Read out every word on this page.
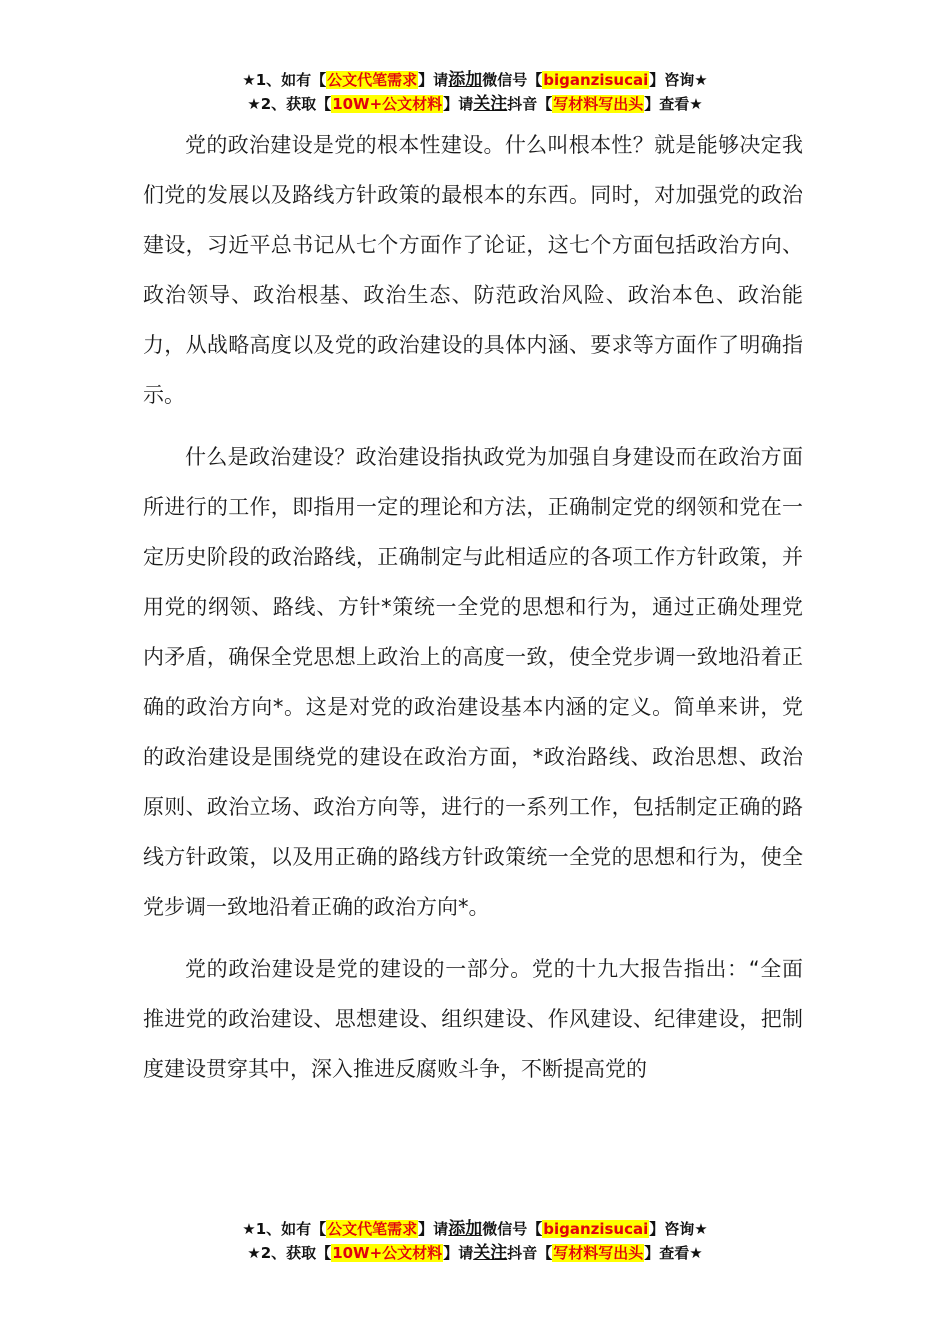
★1、如有【公文代笔需求】请添加微信号【biganzisucai】咨询★
★2、获取【10W+公文材料】请关注抖音【写材料写出头】查看★

党的政治建设是党的根本性建设。什么叫根本性？就是能够决定我们党的发展以及路线方针政策的最根本的东西。同时，对加强党的政治建设，习近平总书记从七个方面作了论证，这七个方面包括政治方向、政治领导、政治根基、政治生态、防范政治风险、政治本色、政治能力，从战略高度以及党的政治建设的具体内涵、要求等方面作了明确指示。

什么是政治建设？政治建设指执政党为加强自身建设而在政治方面所进行的工作，即指用一定的理论和方法，正确制定党的纲领和党在一定历史阶段的政治路线，正确制定与此相适应的各项工作方针政策，并用党的纲领、路线、方针*策统一全党的思想和行为，通过正确处理党内矛盾，确保全党思想上政治上的高度一致，使全党步调一致地沿着正确的政治方向*。这是对党的政治建设基本内涵的定义。简单来讲，党的政治建设是围绕党的建设在政治方面，*政治路线、政治思想、政治原则、政治立场、政治方向等，进行的一系列工作，包括制定正确的路线方针政策，以及用正确的路线方针政策统一全党的思想和行为，使全党步调一致地沿着正确的政治方向*。

党的政治建设是党的建设的一部分。党的十九大报告指出：“全面推进党的政治建设、思想建设、组织建设、作风建设、纪律建设，把制度建设贯穿其中，深入推进反腐败斗争，不断提高党的

★1、如有【公文代笔需求】请添加微信号【biganzisucai】咨询★
★2、获取【10W+公文材料】请关注抖音【写材料写出头】查看★
